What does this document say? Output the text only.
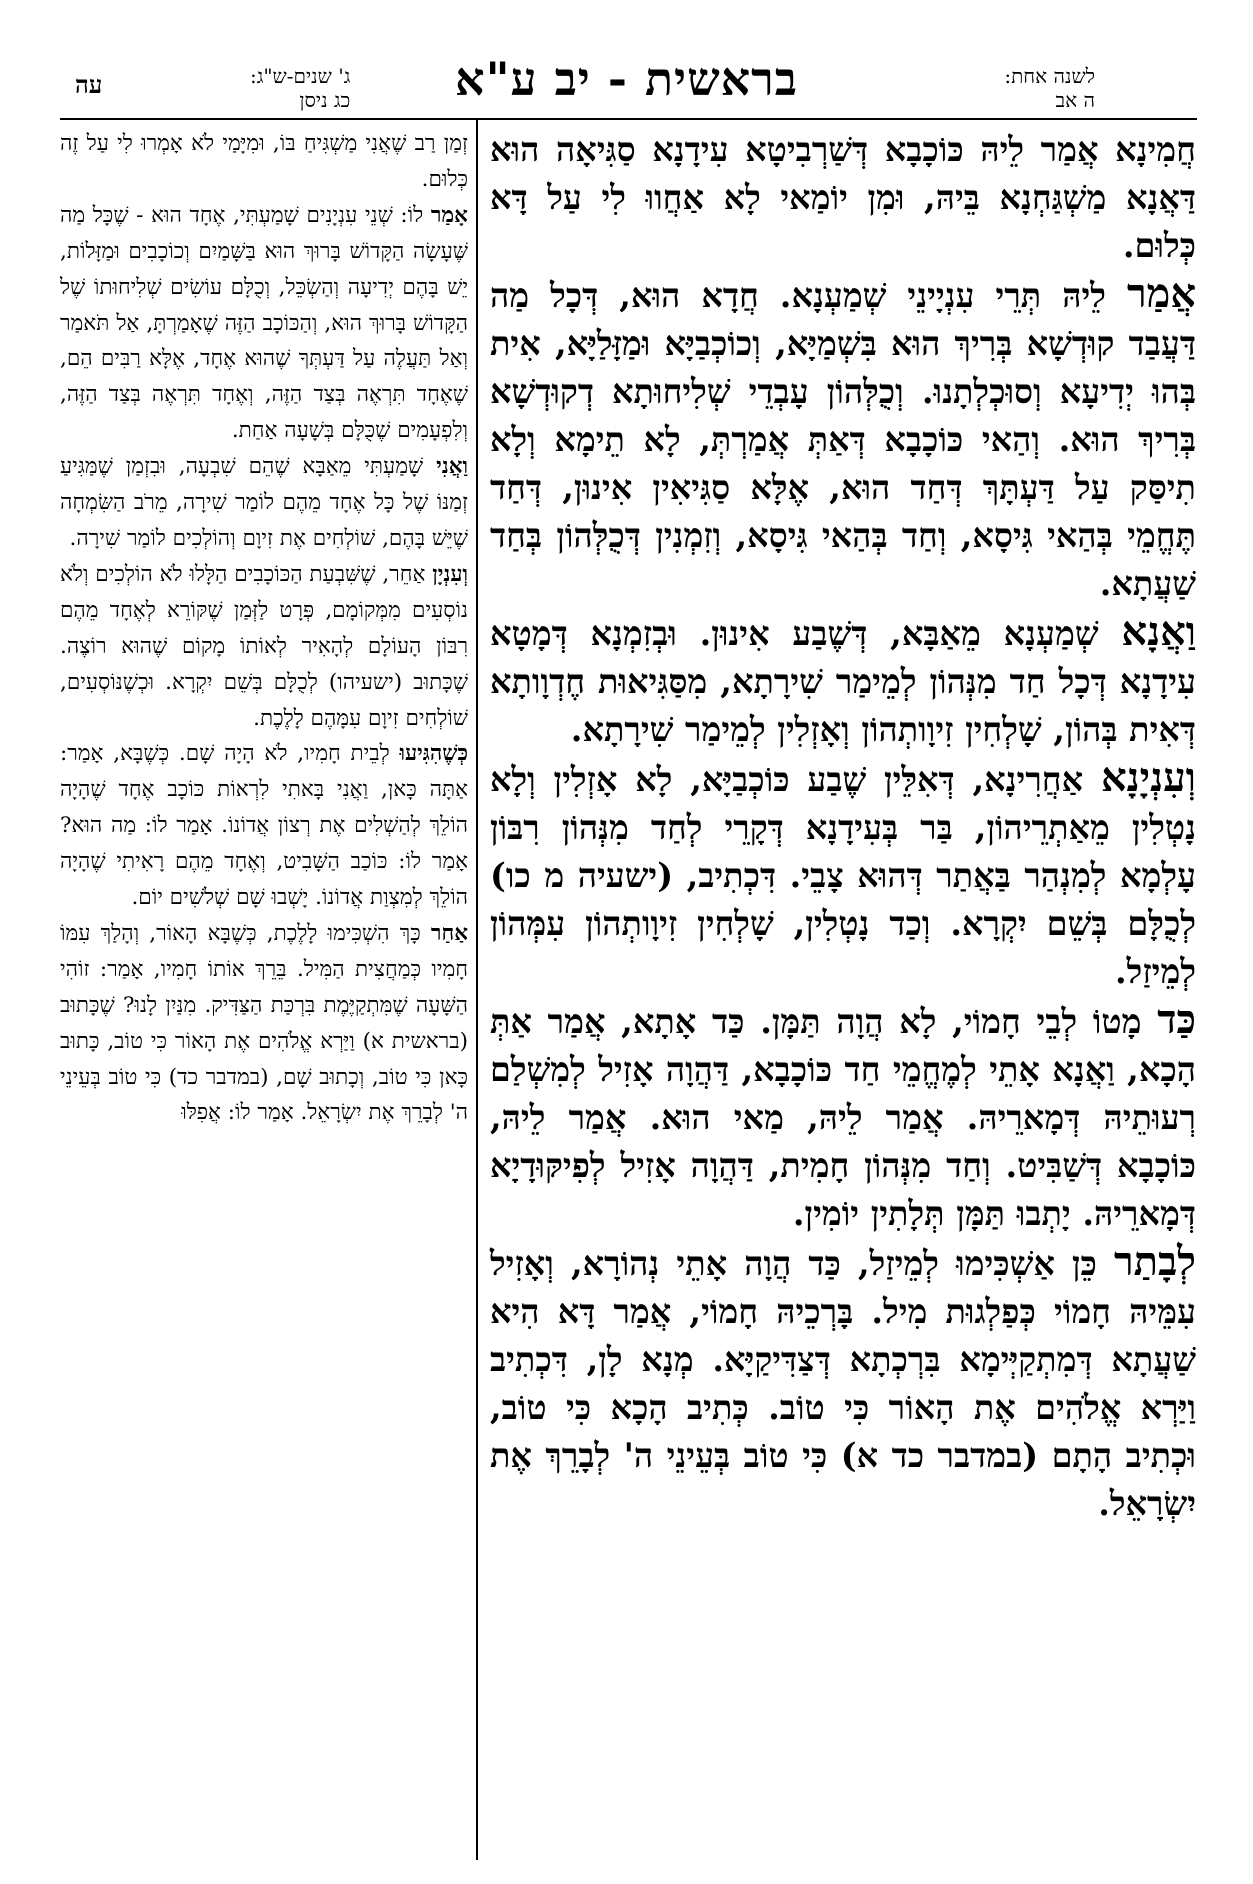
בראשית - יב ע"א	לשנה אחת:
ה אב
ג' שנים-ש"ג:
כג ניסן
עה

חֲמִינָא אֲמַר לֵיהּ כּוֹכָבָא דְּשַׁרְבִיטָא עִידָנָא סַגִּיאָה הוּא דַּאֲנָא מַשְׁגַּחְנָא בֵּיהּ, וּמִן יוֹמַאי לָא אַחֲווּ לִי עַל דָּא כְּלוּם.

אֲמַר לֵיהּ תְּרֵי עִנְיָינֵי שְׁמַעְנָא. חֲדָא הוּא, דְּכָל מַה דַּעֲבַד קוּדְשָׁא בְּרִיךְ הוּא בִּשְׁמַיָּא, וְכוֹכְבַיָּא וּמַזָּלַיָּא, אִית בְּהוּ יְדִיעָא וְסוּכְלְתָנוּ. וְכֻלְּהוֹן עָבְדֵי שְׁלִיחוּתָא דְקוּדְשָׁא בְּרִיךְ הוּא. וְהַאי כּוֹכָבָא דְּאַתְּ אֲמַרְתְּ, לָא תֵימָא וְלָא תִיסַּק עַל דַּעְתָּךְ דְּחַד הוּא, אֶלָּא סַגִּיאִין אִינוּן, דְּחַד תֶּחֱמֵי בְּהַאי גִּיסָא, וְחַד בְּהַאי גִּיסָא, וְזִמְנִין דְּכֻלְּהוֹן בְּחַד שַׁעֲתָא.

וַאֲנָא שְׁמַעְנָא מֵאַבָּא, דְּשֶׁבַע אִינוּן. וּבְזִמְנָא דְּמָטָא עִידָנָא דְּכָל חַד מִנְּהוֹן לְמֵימַר שִׁירָתָא, מִסַּגִּיאוּת חֶדְוָותָא דְּאִית בְּהוֹן, שָׁלְחִין זִיוָותְהוֹן וְאָזְלִין לְמֵימַר שִׁירָתָא.

וְעִנְיָנָא אַחֲרִינָא, דְּאִלֵּין שֶׁבַע כּוֹכְבַיָּא, לָא אָזְלִין וְלָא נָטְלִין מֵאַתְרֵיהוֹן, בַּר בְּעִידָנָא דְּקָרֵי לְחַד מִנְּהוֹן רִבּוֹן עָלְמָא לְמִנְהַר בַּאֲתַר דְּהוּא צָבֵי. דִּכְתִיב, (ישעיה מ כו) לְכֻלָּם בְּשֵׁם יִקְרָא. וְכַד נָטְלִין, שָׁלְחִין זִיוָותְהוֹן עִמְּהוֹן לְמֵיזַל.

כַּד מָטוֹ לְבֵי חָמוֹי, לָא הֲוָה תַּמָּן. כַּד אָתָא, אֲמַר אַתְּ הָכָא, וַאֲנָא אָתֵי לְמֶחֱמֵי חַד כּוֹכָבָא, דַּהֲוָה אָזִיל לְמִשְׁלַם רְעוּתֵיהּ דְּמָארֵיהּ. אֲמַר לֵיהּ, מַאי הוּא. אֲמַר לֵיהּ, כּוֹכָבָא דְּשַׁבִּיט. וְחַד מִנְּהוֹן חָמִית, דַּהֲוָה אָזִיל לְפִיקּוּדָיָא דְּמָארֵיהּ. יָתְבוּ תַּמָּן תְּלָתִין יוֹמִין.

לְבָתַר כֵּן אַשְׁכִּימוּ לְמֵיזַל, כַּד הֲוָה אָתֵי נְהוֹרָא, וְאָזִיל עִמֵּיהּ חָמוֹי כְּפַלְגוּת מִיל. בָּרְכֵיהּ חָמוֹי, אֲמַר דָּא הִיא שַׁעֲתָא דְּמִתְקַיְּימָא בִּרְכְתָא דְּצַדִּיקַיָּא. מְנָא לָן, דִּכְתִיב וַיַּרְא אֱלֹהִים אֶת הָאוֹר כִּי טוֹב. כְּתִיב הָכָא כִּי טוֹב, וּכְתִיב הָתָם (במדבר כד א) כִּי טוֹב בְּעֵינֵי ה' לְבָרֵךְ אֶת יִשְׂרָאֵל.

זְמַן רַב שֶׁאֲנִי מַשְׁגִּיחַ בּוֹ, וּמִיָּמַי לֹא אָמְרוּ לִי עַל זֶה כְּלוּם.

אָמַר לוֹ: שְׁנֵי עִנְיָנִים שָׁמַעְתִּי, אֶחָד הוּא - שֶׁכָּל מַה שֶּׁעָשָׂה הַקָּדוֹשׁ בָּרוּךְ הוּא בַּשָּׁמַיִם וְכוֹכָבִים וּמַזָּלוֹת, יֵשׁ בָּהֶם יְדִיעָה וְהַשְׂכֵּל, וְכֻלָּם עוֹשִׂים שְׁלִיחוּתוֹ שֶׁל הַקָּדוֹשׁ בָּרוּךְ הוּא, וְהַכּוֹכָב הַזֶּה שֶׁאָמַרְתָּ, אַל תֹּאמַר וְאַל תַּעֲלֶה עַל דַּעְתְּךָ שֶׁהוּא אֶחָד, אֶלָּא רַבִּים הֵם, שֶׁאֶחָד תִּרְאֶה בְּצַד הַזֶּה, וְאֶחָד תִּרְאֶה בְּצַד הַזֶּה, וְלִפְעָמִים שֶׁכֻּלָּם בְּשָׁעָה אַחַת.

וַאֲנִי שָׁמַעְתִּי מֵאַבָּא שֶׁהֵם שִׁבְעָה, וּבִזְמַן שֶׁמַּגִּיעַ זְמַנּוֹ שֶׁל כָּל אֶחָד מֵהֶם לוֹמַר שִׁירָה, מֵרֹב הַשִּׂמְחָה שֶׁיֵּשׁ בָּהֶם, שׁוֹלְחִים אֶת זִיוָם וְהוֹלְכִים לוֹמַר שִׁירָה.

וְעִנְיָן אַחֵר, שֶׁשִּׁבְעַת הַכּוֹכָבִים הַלָּלוּ לֹא הוֹלְכִים וְלֹא נוֹסְעִים מִמְּקוֹמָם, פְּרָט לַזְּמַן שֶׁקּוֹרֵא לְאֶחָד מֵהֶם רִבּוֹן הָעוֹלָם לְהָאִיר לְאוֹתוֹ מָקוֹם שֶׁהוּא רוֹצֶה. שֶׁכָּתוּב (ישעיהו) לְכֻלָּם בְּשֵׁם יִקְרָא. וּכְשֶׁנּוֹסְעִים, שׁוֹלְחִים זִיוָם עִמָּהֶם לָלֶכֶת.

כְּשֶׁהִגִּיעוּ לְבֵית חָמִיו, לֹא הָיָה שָׁם. כְּשֶׁבָּא, אָמַר: אַתָּה כָּאן, וַאֲנִי בָּאתִי לִרְאוֹת כּוֹכָב אֶחָד שֶׁהָיָה הוֹלֵךְ לְהַשְׁלִים אֶת רְצוֹן אֲדוֹנוֹ. אָמַר לוֹ: מַה הוּא? אָמַר לוֹ: כּוֹכַב הַשָּׁבִיט, וְאֶחָד מֵהֶם רָאִיתִי שֶׁהָיָה הוֹלֵךְ לְמִצְוַת אֲדוֹנוֹ. יָשְׁבוּ שָׁם שְׁלֹשִׁים יוֹם.

אַחַר כָּךְ הִשְׁכִּימוּ לָלֶכֶת, כְּשֶׁבָּא הָאוֹר, וְהָלַךְ עִמּוֹ חָמִיו כְּמַחֲצִית הַמִּיל. בֵּרֵךְ אוֹתוֹ חָמִיו, אָמַר: זוֹהִי הַשָּׁעָה שֶׁמִּתְקַיֶּמֶת בִּרְכַּת הַצַּדִּיק. מִנַּיִן לָנוּ? שֶׁכָּתוּב (בראשית א) וַיַּרְא אֱלֹהִים אֶת הָאוֹר כִּי טוֹב, כָּתוּב כָּאן כִּי טוֹב, וְכָתוּב שָׁם, (במדבר כד) כִּי טוֹב בְּעֵינֵי ה' לְבָרֵךְ אֶת יִשְׂרָאֵל. אָמַר לוֹ: אֲפִלּוּ
